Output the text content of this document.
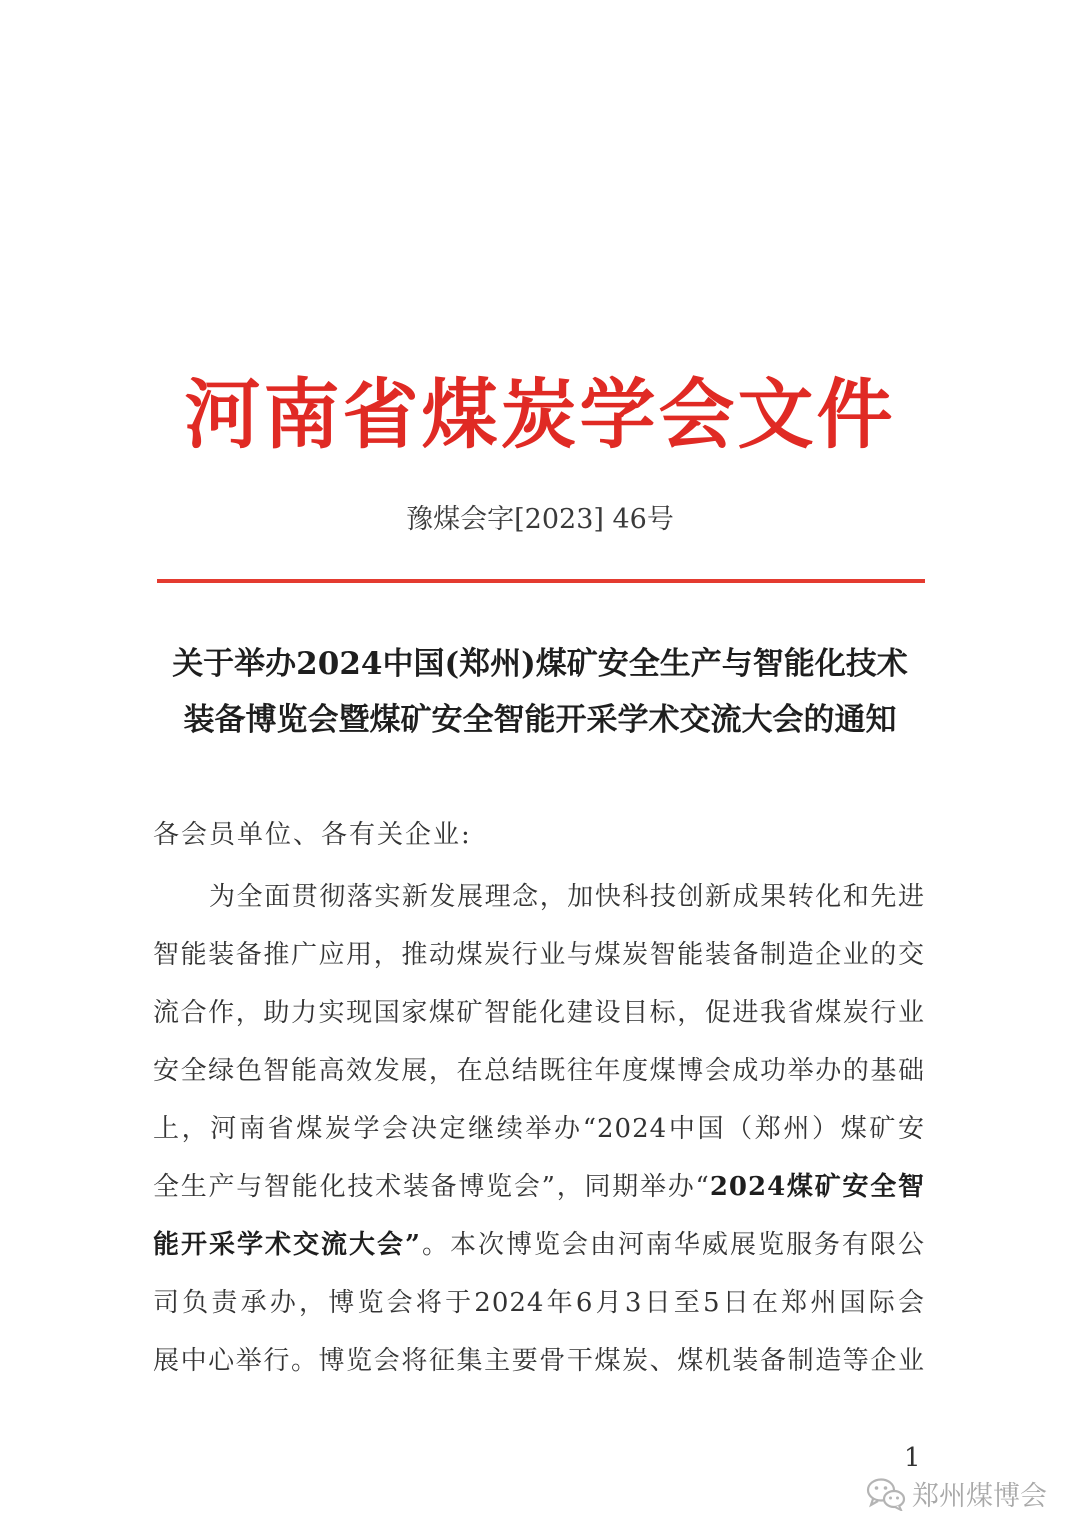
河南省煤炭学会文件
豫煤会字[2023] 46号
关于举办2024中国(郑州)煤矿安全生产与智能化技术
装备博览会暨煤矿安全智能开采学术交流大会的通知
各会员单位、各有关企业:
为全面贯彻落实新发展理念，加快科技创新成果转化和先进
智能装备推广应用，推动煤炭行业与煤炭智能装备制造企业的交
流合作，助力实现国家煤矿智能化建设目标，促进我省煤炭行业
安全绿色智能高效发展，在总结既往年度煤博会成功举办的基础
上，河南省煤炭学会决定继续举办“2024中国（郑州）煤矿安
全生产与智能化技术装备博览会”，同期举办“2024煤矿安全智
能开采学术交流大会”。本次博览会由河南华威展览服务有限公
司负责承办，博览会将于2024年6月3日至5日在郑州国际会
展中心举行。博览会将征集主要骨干煤炭、煤机装备制造等企业
1
郑州煤博会
